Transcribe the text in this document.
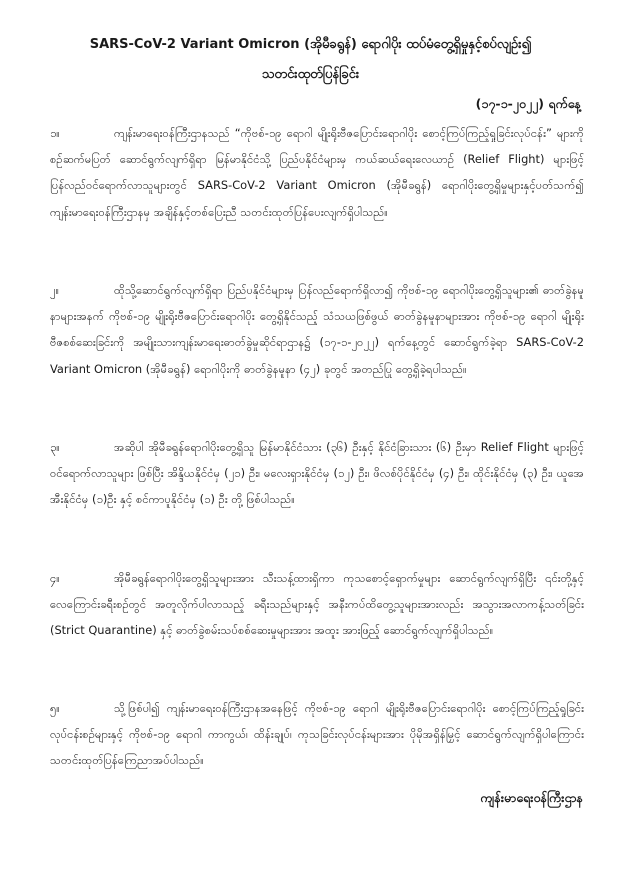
SARS-CoV-2 Variant Omicron (အိုမီခရွန်) ရောဂါပိုး ထပ်မံတွေ့ရှိမှုနှင့်စပ်လျဉ်း၍
သတင်းထုတ်ပြန်ခြင်း
(၁၇-၁-၂၀၂၂) ရက်နေ့

၁။	ကျန်းမာရေးဝန်ကြီးဌာနသည် “ကိုဗစ်-၁၉ ရောဂါ မျိုးရိုးဗီဇပြောင်းရောဂါပိုး စောင့်ကြပ်ကြည့်ရှုခြင်းလုပ်ငန်း” များကို စဉ်ဆက်မပြတ် ဆောင်ရွက်လျက်ရှိရာ မြန်မာနိုင်ငံသို့ ပြည်ပနိုင်ငံများမှ ကယ်ဆယ်ရေးလေယာဉ် (Relief Flight) များဖြင့် ပြန်လည်ဝင်ရောက်လာသူများတွင် SARS-CoV-2 Variant Omicron (အိုမီခရွန်) ရောဂါပိုးတွေ့ရှိမှုများနှင့်ပတ်သက်၍ ကျန်းမာရေးဝန်ကြီးဌာနမှ အချိန်နှင့်တစ်ပြေးညီ သတင်းထုတ်ပြန်ပေးလျက်ရှိပါသည်။

၂။	ထိုသို့ဆောင်ရွက်လျက်ရှိရာ ပြည်ပနိုင်ငံများမှ ပြန်လည်ရောက်ရှိလာ၍ ကိုဗစ်-၁၉ ရောဂါပိုးတွေ့ရှိသူများ၏ ဓာတ်ခွဲနမူနာများအနက် ကိုဗစ်-၁၉ မျိုးရိုးဗီဇပြောင်းရောဂါပိုး တွေ့ရှိနိုင်သည့် သံသယဖြစ်ဖွယ် ဓာတ်ခွဲနမူနာများအား ကိုဗစ်-၁၉ ရောဂါ မျိုးရိုးဗီဇစစ်ဆေးခြင်းကို အမျိုးသားကျန်းမာရေးဓာတ်ခွဲမှုဆိုင်ရာဌာန၌ (၁၇-၁-၂၀၂၂) ရက်နေ့တွင် ဆောင်ရွက်ခဲ့ရာ SARS-CoV-2 Variant Omicron (အိုမီခရွန်) ရောဂါပိုးကို ဓာတ်ခွဲနမူနာ (၄၂) ခုတွင် အတည်ပြု တွေ့ရှိခဲ့ရပါသည်။

၃။	အဆိုပါ အိုမီခရွန်ရောဂါပိုးတွေ့ရှိသူ မြန်မာနိုင်ငံသား (၃၆) ဦးနှင့် နိုင်ငံခြားသား (၆) ဦးမှာ Relief Flight များဖြင့် ဝင်ရောက်လာသူများ ဖြစ်ပြီး အိန္ဒိယနိုင်ငံမှ (၂၁) ဦး၊ မလေးရှားနိုင်ငံမှ (၁၂) ဦး၊ ဖိလစ်ပိုင်နိုင်ငံမှ (၄) ဦး၊ ထိုင်းနိုင်ငံမှ (၃) ဦး၊ ယူအေအီးနိုင်ငံမှ (၁)ဦး နှင့် စင်ကာပူနိုင်ငံမှ (၁) ဦး တို့ ဖြစ်ပါသည်။

၄။	အိုမီခရွန်ရောဂါပိုးတွေ့ရှိသူများအား သီးသန့်ထားရှိကာ ကုသစောင့်ရှောက်မှုများ ဆောင်ရွက်လျက်ရှိပြီး ၎င်းတို့နှင့် လေကြောင်းခရီးစဉ်တွင် အတူလိုက်ပါလာသည့် ခရီးသည်များနှင့် အနီးကပ်ထိတွေ့သူများအားလည်း အသွားအလာကန့်သတ်ခြင်း (Strict Quarantine) နှင့် ဓာတ်ခွဲစမ်းသပ်စစ်ဆေးမှုများအား အထူး အားဖြည့် ဆောင်ရွက်လျက်ရှိပါသည်။

၅။	သို့ဖြစ်ပါ၍ ကျန်းမာရေးဝန်ကြီးဌာနအနေဖြင့် ကိုဗစ်-၁၉ ရောဂါ မျိုးရိုးဗီဇပြောင်းရောဂါပိုး စောင့်ကြပ်ကြည့်ရှုခြင်းလုပ်ငန်းစဉ်များနှင့် ကိုဗစ်-၁၉ ရောဂါ ကာကွယ်၊ ထိန်းချုပ်၊ ကုသခြင်းလုပ်ငန်းများအား ပိုမိုအရှိန်မြှင့် ဆောင်ရွက်လျက်ရှိပါကြောင်း သတင်းထုတ်ပြန်ကြေညာအပ်ပါသည်။

ကျန်းမာရေးဝန်ကြီးဌာန
